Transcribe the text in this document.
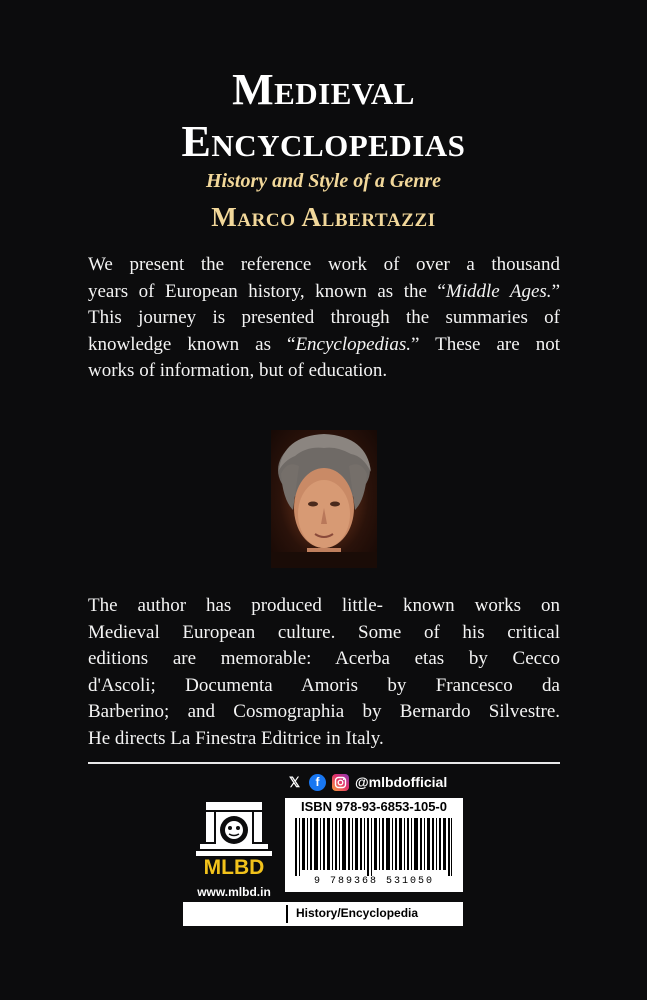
Medieval
Encyclopedias
History and Style of a Genre
Marco Albertazzi
We present the reference work of over a thousand
years of European history, known as the “Middle Ages.”
This journey is presented through the summaries of
knowledge known as “Encyclopedias.” These are not
works of information, but of education.
The author has produced little- known works on
Medieval European culture. Some of his critical
editions are memorable: Acerba etas by Cecco
d'Ascoli; Documenta Amoris by Francesco da
Barberino; and Cosmographia by Bernardo Silvestre.
He directs La Finestra Editrice in Italy.
𝕏	f	@mlbdofficial
MLBD
www.mlbd.in
ISBN 978-93-6853-105-0
9 789368 531050
History/Encyclopedia
